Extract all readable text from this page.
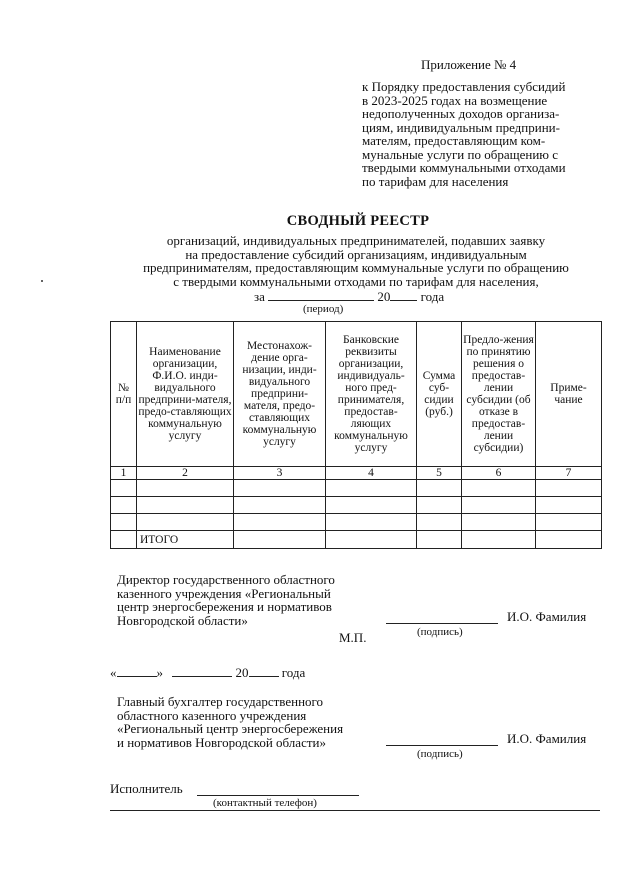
Приложение № 4
к Порядку предоставления субсидий
в 2023-2025 годах на возмещение
недополученных доходов организа-
циям, индивидуальным предприни-
мателям, предоставляющим ком-
мунальные услуги по обращению с
твердыми коммунальными отходами
по тарифам для населения
СВОДНЫЙ РЕЕСТР
организаций, индивидуальных предпринимателей, подавших заявку
на предоставление субсидий организациям, индивидуальным
предпринимателям, предоставляющим коммунальные услуги по обращению
с твердыми коммунальными отходами по тарифам для населения,
за	20 года
(период)
№ п/п	Наименование организации, Ф.И.О. инди-видуального предприни-мателя, предо-ставляющих коммунальную услугу	Местонахож-дение орга-низации, инди-видуального предприни-мателя, предо-ставляющих коммунальную услугу	Банковские реквизиты организации, индивидуаль-ного пред-принимателя, предостав-ляющих коммунальную услугу	Сумма суб-сидии (руб.)	Предло-жения по принятию решения о предостав-лении субсидии (об отказе в предостав-лении субсидии)	Приме-чание
1	2	3	4	5	6	7

	ИТОГО					
Директор государственного областного
казенного учреждения «Региональный
центр энергосбережения и нормативов
Новгородской области»	И.О. Фамилия
(подпись)
М.П.
«	»	20	года
Главный бухгалтер государственного
областного казенного учреждения
«Региональный центр энергосбережения
и нормативов Новгородской области»	И.О. Фамилия
(подпись)
Исполнитель
(контактный телефон)
